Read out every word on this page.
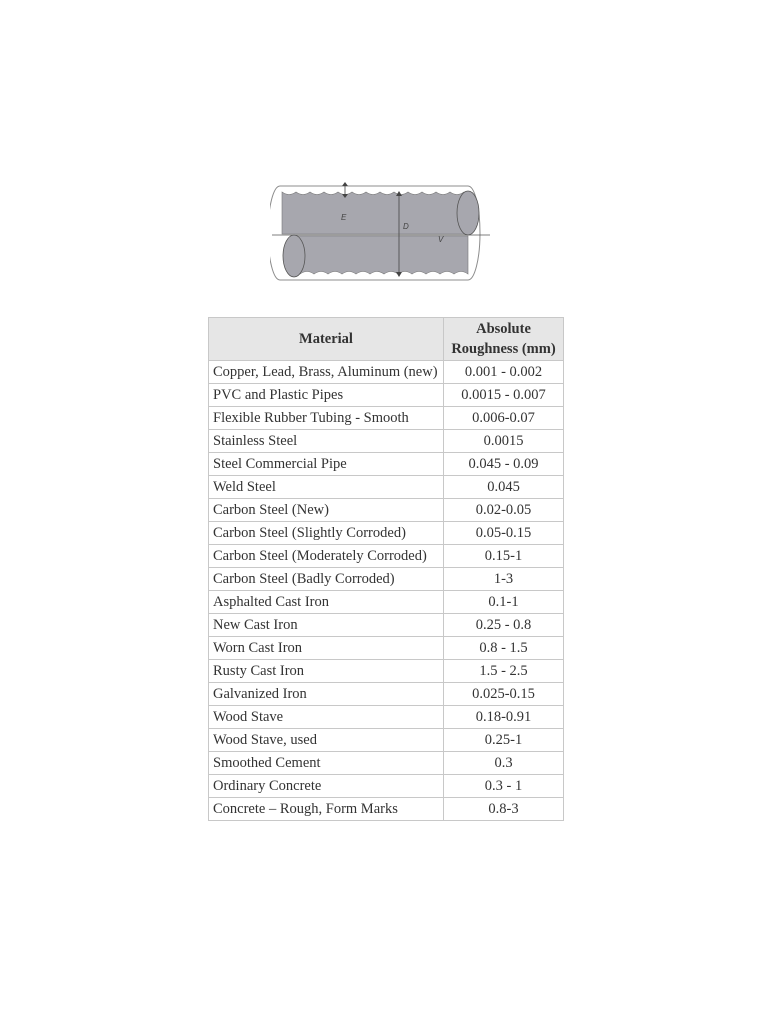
E
D
V
Material	Absolute Roughness (mm)
Copper, Lead, Brass, Aluminum (new)	0.001 - 0.002
PVC and Plastic Pipes	0.0015 - 0.007
Flexible Rubber Tubing - Smooth	0.006-0.07
Stainless Steel	0.0015
Steel Commercial Pipe	0.045 - 0.09
Weld Steel	0.045
Carbon Steel (New)	0.02-0.05
Carbon Steel (Slightly Corroded)	0.05-0.15
Carbon Steel (Moderately Corroded)	0.15-1
Carbon Steel (Badly Corroded)	1-3
Asphalted Cast Iron	0.1-1
New Cast Iron	0.25 - 0.8
Worn Cast Iron	0.8 - 1.5
Rusty Cast Iron	1.5 - 2.5
Galvanized Iron	0.025-0.15
Wood Stave	0.18-0.91
Wood Stave, used	0.25-1
Smoothed Cement	0.3
Ordinary Concrete	0.3 - 1
Concrete – Rough, Form Marks	0.8-3
